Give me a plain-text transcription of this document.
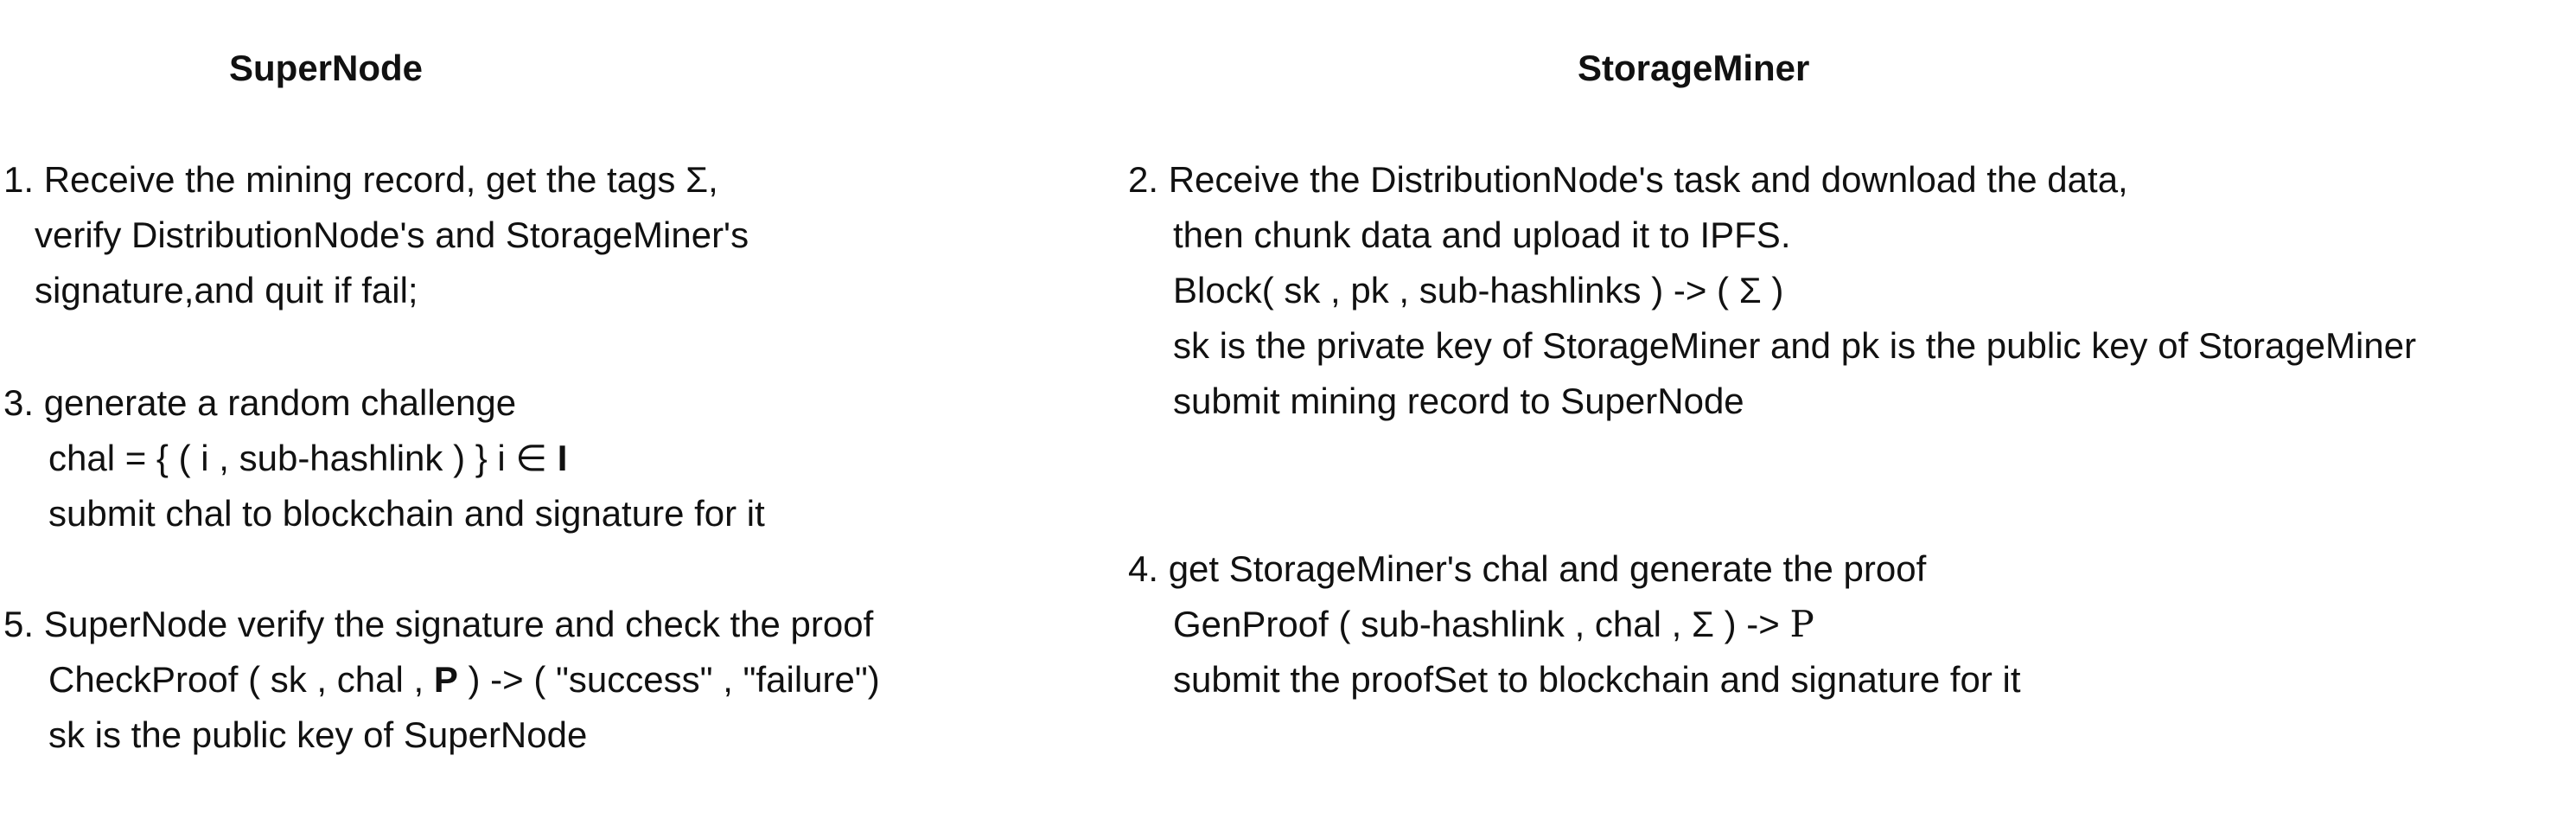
SuperNode	StorageMiner
1. Receive the mining record, get the tags Σ,
verify DistributionNode's and StorageMiner's
signature,and quit if fail;
3. generate a random challenge
chal = { ( i , sub-hashlink ) } i ∈ I
submit chal to blockchain and signature for it
5. SuperNode verify the signature and check the proof
CheckProof ( sk , chal , P ) -> ( "success" , "failure")
sk is the public key of SuperNode
2. Receive the DistributionNode's task and download the data,
then chunk data and upload it to IPFS.
Block( sk , pk , sub-hashlinks ) -> ( Σ )
sk is the private key of StorageMiner and pk is the public key of StorageMiner
submit mining record to SuperNode
4. get StorageMiner's chal and generate the proof
GenProof ( sub-hashlink , chal , Σ ) -> P
submit the proofSet to blockchain and signature for it
